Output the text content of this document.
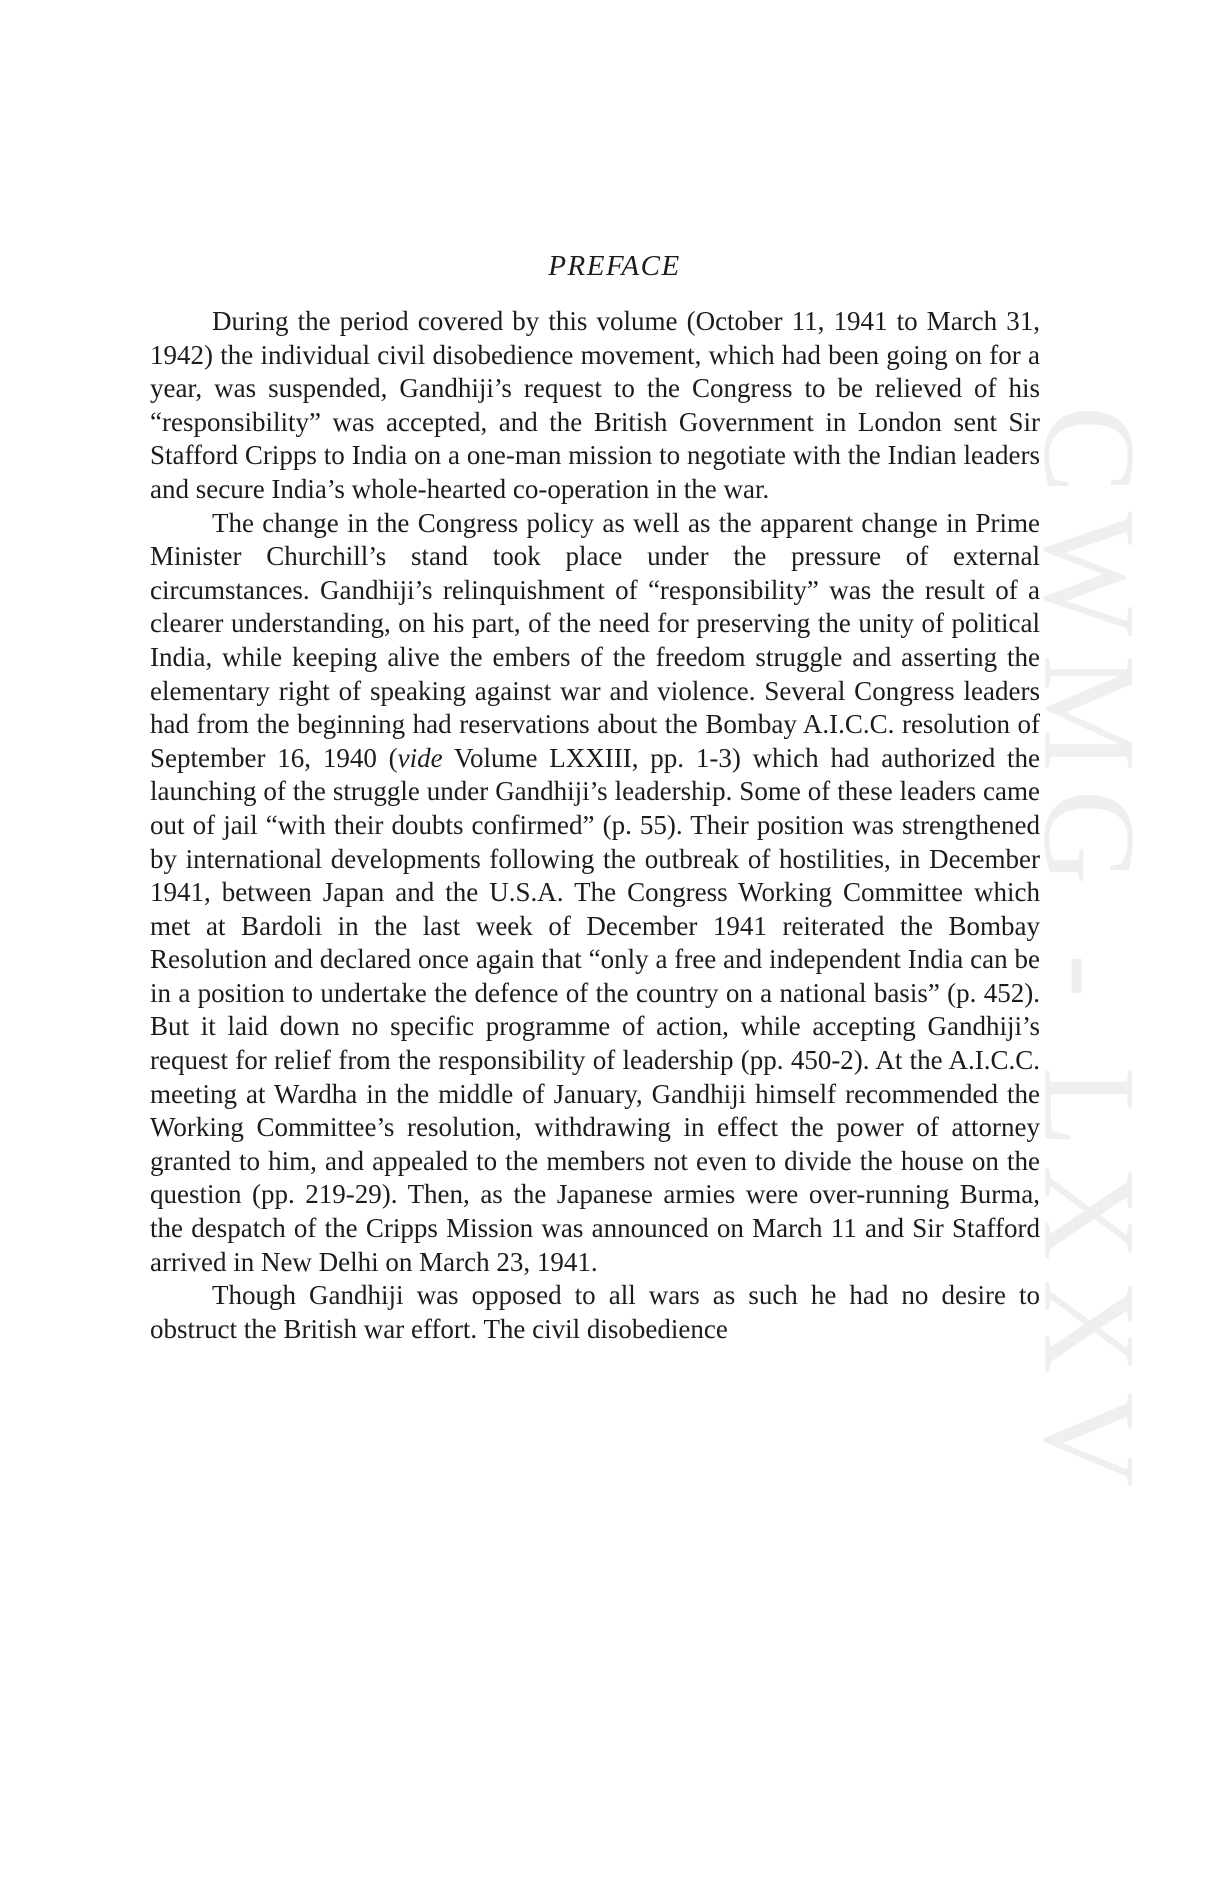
CWMG - LXXV
PREFACE

During the period covered by this volume (October 11, 1941 to March 31, 1942) the individual civil disobedience movement, which had been going on for a year, was suspended, Gandhiji’s request to the Congress to be relieved of his “responsibility” was accepted, and the British Government in London sent Sir Stafford Cripps to India on a one-man mission to negotiate with the Indian leaders and secure India’s whole-hearted co-operation in the war.

The change in the Congress policy as well as the apparent change in Prime Minister Churchill’s stand took place under the pressure of external circumstances. Gandhiji’s relinquishment of “responsibility” was the result of a clearer understanding, on his part, of the need for preserving the unity of political India, while keeping alive the embers of the freedom struggle and asserting the elementary right of speaking against war and violence. Several Congress leaders had from the beginning had reservations about the Bombay A.I.C.C. resolution of September 16, 1940 (vide Volume LXXIII, pp. 1-3) which had authorized the launching of the struggle under Gandhiji’s leadership. Some of these leaders came out of jail “with their doubts confirmed” (p. 55). Their position was strengthened by international developments following the outbreak of hostilities, in December 1941, between Japan and the U.S.A. The Congress Working Committee which met at Bardoli in the last week of December 1941 reiterated the Bombay Resolution and declared once again that “only a free and independent India can be in a position to undertake the defence of the country on a national basis” (p. 452). But it laid down no specific programme of action, while accepting Gandhiji’s request for relief from the responsibility of leadership (pp. 450-2). At the A.I.C.C. meeting at Wardha in the middle of January, Gandhiji himself recommended the Working Committee’s resolution, withdrawing in effect the power of attorney granted to him, and appealed to the members not even to divide the house on the question (pp. 219-29). Then, as the Japanese armies were over-running Burma, the despatch of the Cripps Mission was announced on March 11 and Sir Stafford arrived in New Delhi on March 23, 1941.

Though Gandhiji was opposed to all wars as such he had no desire to obstruct the British war effort. The civil disobedience
